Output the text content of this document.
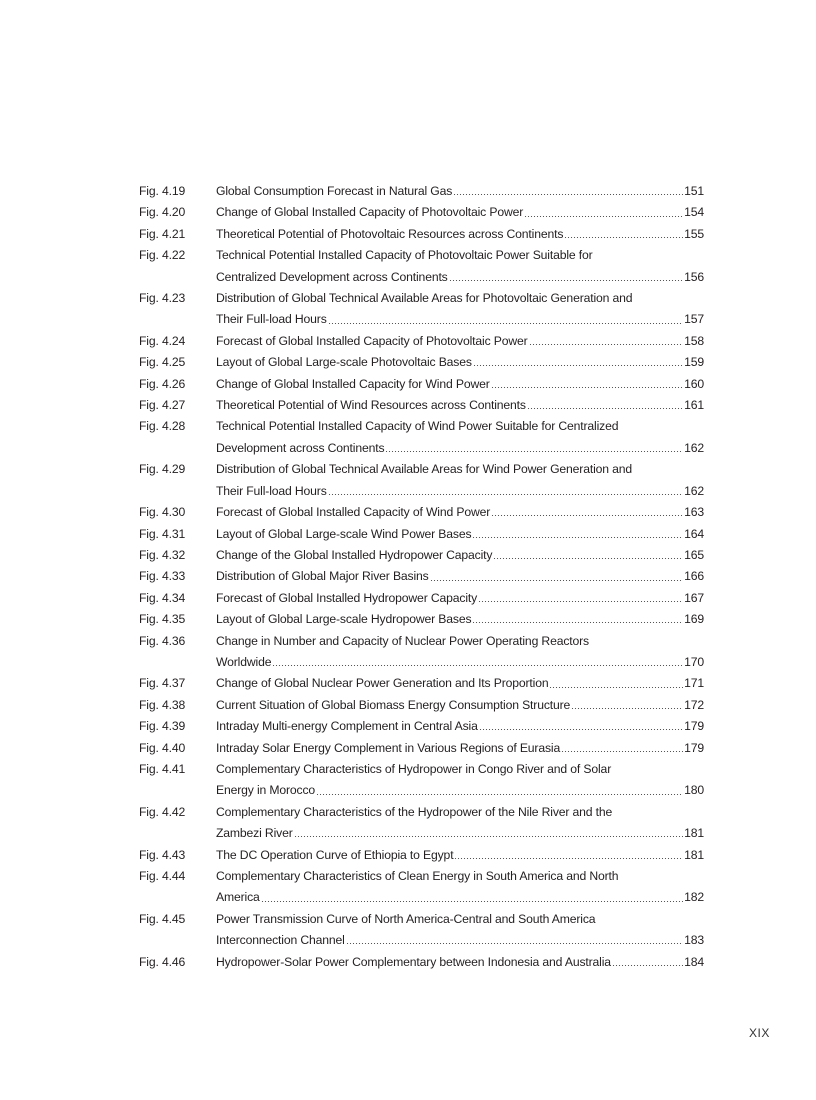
Fig. 4.19	Global Consumption Forecast in Natural Gas	151
Fig. 4.20	Change of Global Installed Capacity of Photovoltaic Power	154
Fig. 4.21	Theoretical Potential of Photovoltaic Resources across Continents	155
Fig. 4.22	Technical Potential Installed Capacity of Photovoltaic Power Suitable for
Centralized Development across Continents	156
Fig. 4.23	Distribution of Global Technical Available Areas for Photovoltaic Generation and
Their Full-load Hours	157
Fig. 4.24	Forecast of Global Installed Capacity of Photovoltaic Power	158
Fig. 4.25	Layout of Global Large-scale Photovoltaic Bases	159
Fig. 4.26	Change of Global Installed Capacity for Wind Power	160
Fig. 4.27	Theoretical Potential of Wind Resources across Continents	161
Fig. 4.28	Technical Potential Installed Capacity of Wind Power Suitable for Centralized
Development across Continents	162
Fig. 4.29	Distribution of Global Technical Available Areas for Wind Power Generation and
Their Full-load Hours	162
Fig. 4.30	Forecast of Global Installed Capacity of Wind Power	163
Fig. 4.31	Layout of Global Large-scale Wind Power Bases	164
Fig. 4.32	Change of the Global Installed Hydropower Capacity	165
Fig. 4.33	Distribution of Global Major River Basins	166
Fig. 4.34	Forecast of Global Installed Hydropower Capacity	167
Fig. 4.35	Layout of Global Large-scale Hydropower Bases	169
Fig. 4.36	Change in Number and Capacity of Nuclear Power Operating Reactors
Worldwide	170
Fig. 4.37	Change of Global Nuclear Power Generation and Its Proportion	171
Fig. 4.38	Current Situation of Global Biomass Energy Consumption Structure	172
Fig. 4.39	Intraday Multi-energy Complement in Central Asia	179
Fig. 4.40	Intraday Solar Energy Complement in Various Regions of Eurasia	179
Fig. 4.41	Complementary Characteristics of Hydropower in Congo River and of Solar
Energy in Morocco	180
Fig. 4.42	Complementary Characteristics of the Hydropower of the Nile River and the
Zambezi River	181
Fig. 4.43	The DC Operation Curve of Ethiopia to Egypt	181
Fig. 4.44	Complementary Characteristics of Clean Energy in South America and North
America	182
Fig. 4.45	Power Transmission Curve of North America-Central and South America
Interconnection Channel	183
Fig. 4.46	Hydropower-Solar Power Complementary between Indonesia and Australia	184
XIX
